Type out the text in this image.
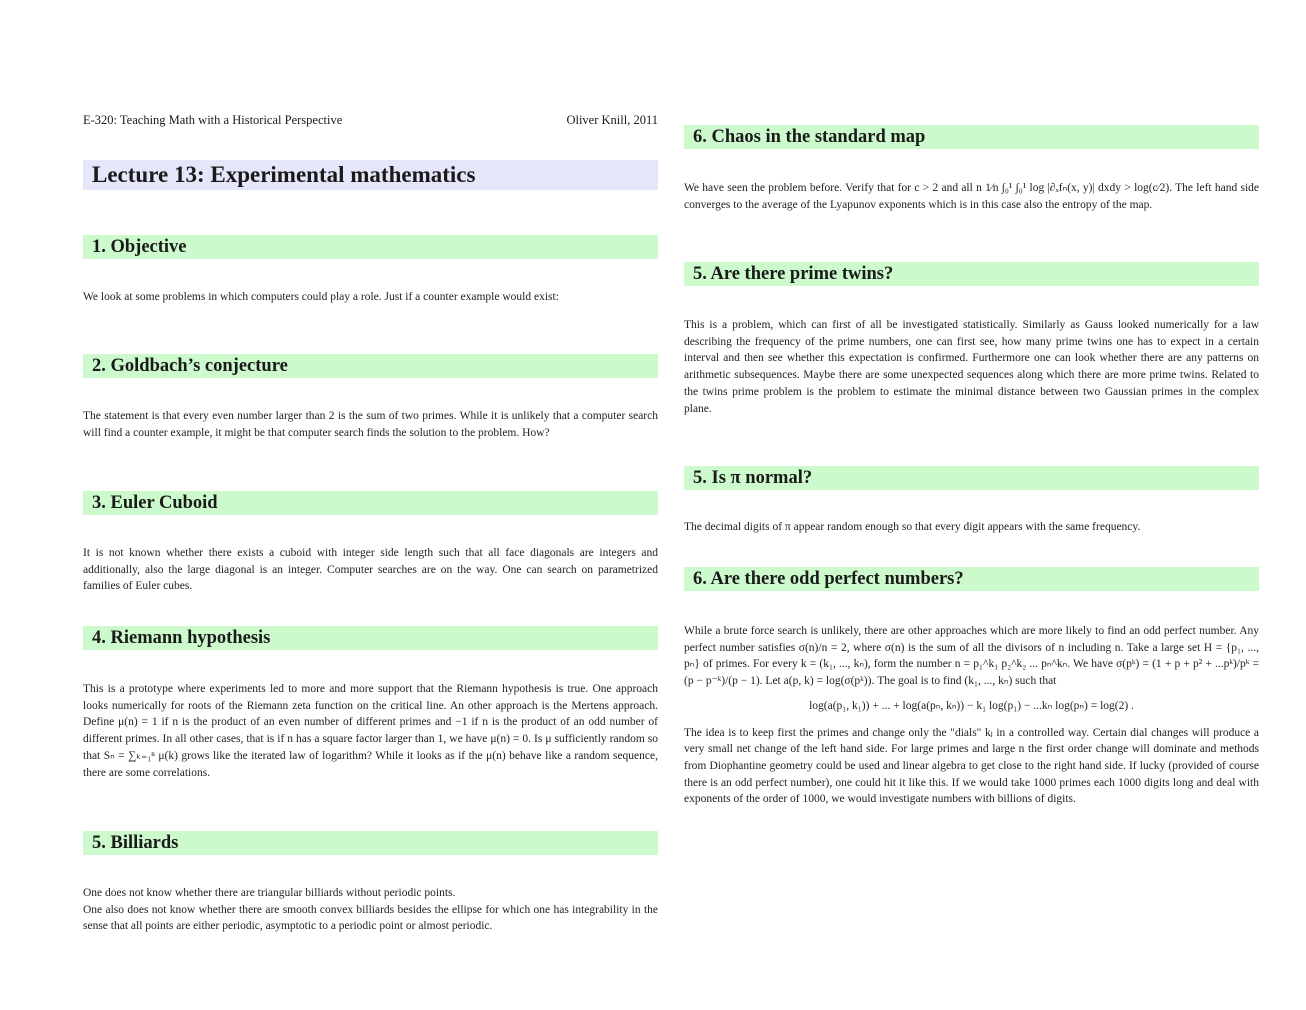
E-320: Teaching Math with a Historical Perspective	Oliver Knill, 2011
Lecture 13: Experimental mathematics
1. Objective

We look at some problems in which computers could play a role. Just if a counter example would exist:

2. Goldbach’s conjecture

The statement is that every even number larger than 2 is the sum of two primes. While it is unlikely that a computer search will find a counter example, it might be that computer search finds the solution to the problem. How?

3. Euler Cuboid

It is not known whether there exists a cuboid with integer side length such that all face diagonals are integers and additionally, also the large diagonal is an integer. Computer searches are on the way. One can search on parametrized families of Euler cubes.

4. Riemann hypothesis

This is a prototype where experiments led to more and more support that the Riemann hypothesis is true. One approach looks numerically for roots of the Riemann zeta function on the critical line. An other approach is the Mertens approach. Define μ(n) = 1 if n is the product of an even number of different primes and −1 if n is the product of an odd number of different primes. In all other cases, that is if n has a square factor larger than 1, we have μ(n) = 0. Is μ sufficiently random so that Sₙ = ∑ₖ₌₁ⁿ μ(k) grows like the iterated law of logarithm? While it looks as if the μ(n) behave like a random sequence, there are some correlations.

5. Billiards

One does not know whether there are triangular billiards without periodic points.

One also does not know whether there are smooth convex billiards besides the ellipse for which one has integrability in the sense that all points are either periodic, asymptotic to a periodic point or almost periodic.

6. Chaos in the standard map

We have seen the problem before. Verify that for c > 2 and all n 1⁄n ∫₀¹ ∫₀¹ log |∂ₓfₙ(x, y)| dxdy > log(c⁄2). The left hand side converges to the average of the Lyapunov exponents which is in this case also the entropy of the map.

5. Are there prime twins?

This is a problem, which can first of all be investigated statistically. Similarly as Gauss looked numerically for a law describing the frequency of the prime numbers, one can first see, how many prime twins one has to expect in a certain interval and then see whether this expectation is confirmed. Furthermore one can look whether there are any patterns on arithmetic subsequences. Maybe there are some unexpected sequences along which there are more prime twins. Related to the twins prime problem is the problem to estimate the minimal distance between two Gaussian primes in the complex plane.

5. Is π normal?

The decimal digits of π appear random enough so that every digit appears with the same frequency.

6. Are there odd perfect numbers?

While a brute force search is unlikely, there are other approaches which are more likely to find an odd perfect number. Any perfect number satisfies σ(n)/n = 2, where σ(n) is the sum of all the divisors of n including n. Take a large set H = {p₁, ..., pₙ} of primes. For every k = (k₁, ..., kₙ), form the number n = p₁^k₁ p₂^k₂ ... pₙ^kₙ. We have σ(pᵏ) = (1 + p + p² + ...pᵏ)/pᵏ = (p − p⁻ᵏ)/(p − 1). Let a(p, k) = log(σ(pᵏ)). The goal is to find (k₁, ..., kₙ) such that

log(a(p₁, k₁)) + ... + log(a(pₙ, kₙ)) − k₁ log(p₁) − ...kₙ log(pₙ) = log(2) .

The idea is to keep first the primes and change only the "dials" kⱼ in a controlled way. Certain dial changes will produce a very small net change of the left hand side. For large primes and large n the first order change will dominate and methods from Diophantine geometry could be used and linear algebra to get close to the right hand side. If lucky (provided of course there is an odd perfect number), one could hit it like this. If we would take 1000 primes each 1000 digits long and deal with exponents of the order of 1000, we would investigate numbers with billions of digits.
